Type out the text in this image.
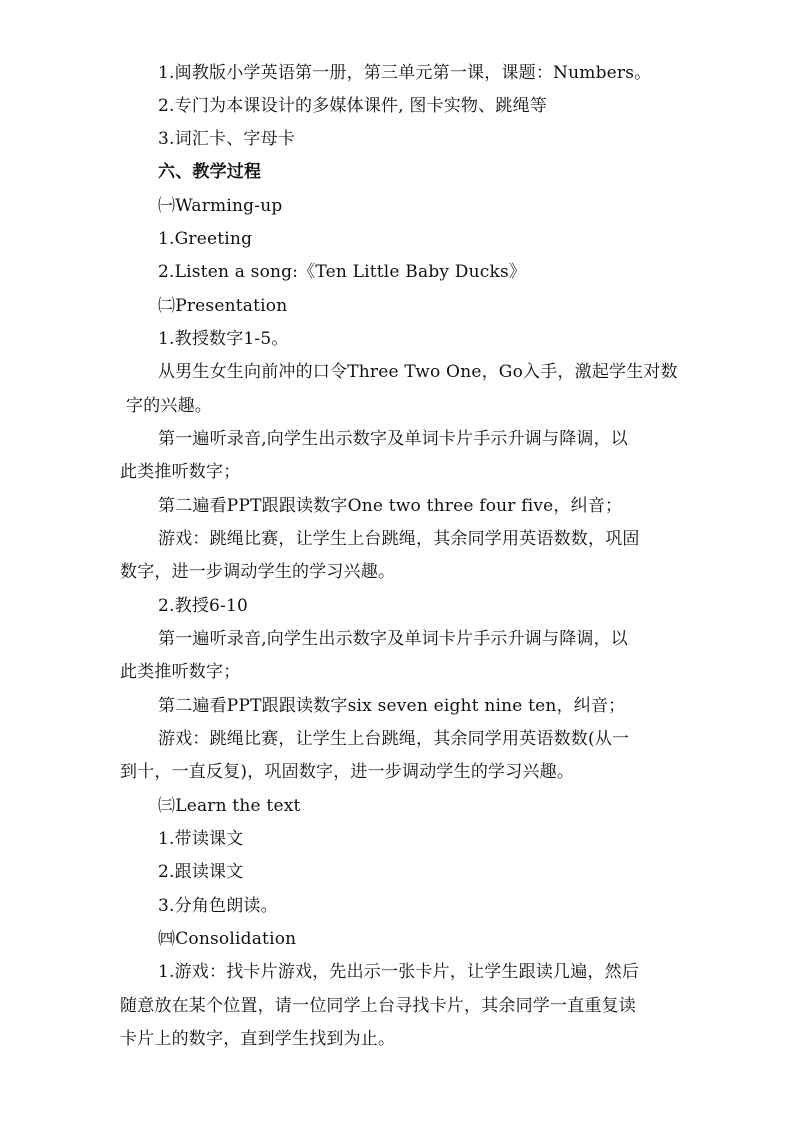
1.闽教版小学英语第一册，第三单元第一课，课题：Numbers。
2.专门为本课设计的多媒体课件, 图卡实物、跳绳等
3.词汇卡、字母卡
六、教学过程
㈠Warming-up
1.Greeting
2.Listen a song:《Ten Little Baby Ducks》
㈡Presentation
1.教授数字1-5。
从男生女生向前冲的口令Three Two One，Go入手，激起学生对数
字的兴趣。
第一遍听录音,向学生出示数字及单词卡片手示升调与降调，以
此类推听数字；
第二遍看PPT跟跟读数字One two three four five，纠音；
游戏：跳绳比赛，让学生上台跳绳，其余同学用英语数数，巩固
数字，进一步调动学生的学习兴趣。
2.教授6-10
第一遍听录音,向学生出示数字及单词卡片手示升调与降调，以
此类推听数字；
第二遍看PPT跟跟读数字six seven eight nine ten，纠音；
游戏：跳绳比赛，让学生上台跳绳，其余同学用英语数数(从一
到十，一直反复)，巩固数字，进一步调动学生的学习兴趣。
㈢Learn the text
1.带读课文
2.跟读课文
3.分角色朗读。
㈣Consolidation
1.游戏：找卡片游戏，先出示一张卡片，让学生跟读几遍，然后
随意放在某个位置，请一位同学上台寻找卡片，其余同学一直重复读
卡片上的数字，直到学生找到为止。
